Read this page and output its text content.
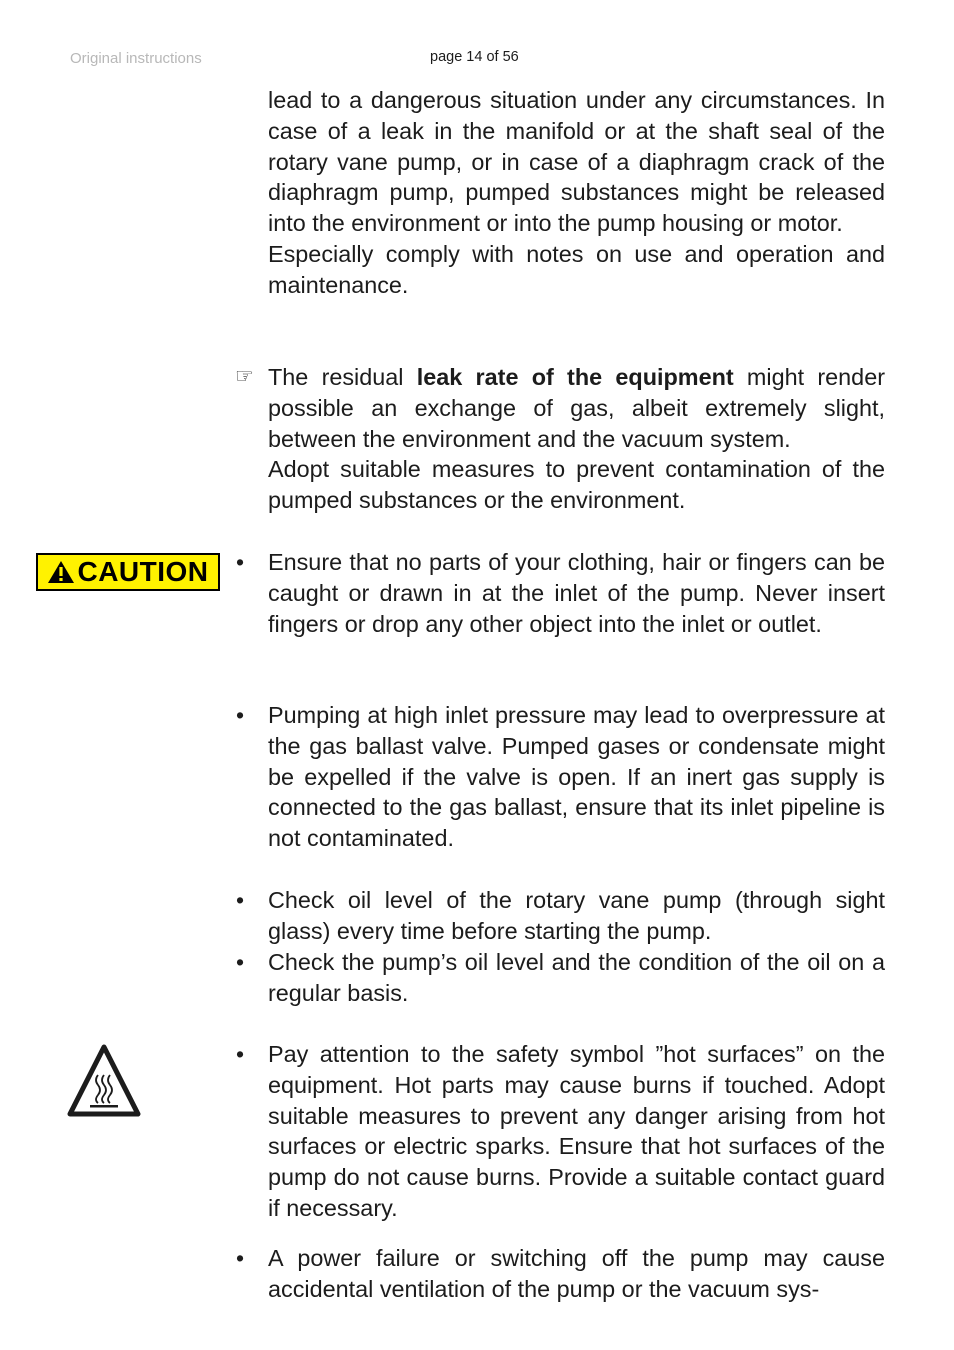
Original instructions	page 14 of 56

lead to a dangerous situation under any circumstances. In case of a leak in the manifold or at the shaft seal of the rotary vane pump, or in case of a diaphragm crack of the diaphragm pump, pumped substances might be released into the environment or into the pump housing or motor.

Especially comply with notes on use and operation and maintenance.

☞ The residual leak rate of the equipment might render possible an exchange of gas, albeit extremely slight, between the environment and the vacuum system.

Adopt suitable measures to prevent contamination of the pumped substances or the environment.

CAUTION • Ensure that no parts of your clothing, hair or fingers can be caught or drawn in at the inlet of the pump. Never insert fingers or drop any other object into the inlet or outlet.
• Pumping at high inlet pressure may lead to overpressure at the gas ballast valve. Pumped gases or condensate might be expelled if the valve is open. If an inert gas supply is connected to the gas ballast, ensure that its inlet pipeline is not contaminated.
• Check oil level of the rotary vane pump (through sight glass) every time before starting the pump.
• Check the pump’s oil level and the condition of the oil on a regular basis.
• Pay attention to the safety symbol ”hot surfaces” on the equipment. Hot parts may cause burns if touched. Adopt suitable measures to prevent any danger arising from hot surfaces or electric sparks. Ensure that hot surfaces of the pump do not cause burns. Provide a suitable contact guard if necessary.
• A power failure or switching off the pump may cause accidental ventilation of the pump or the vacuum sys-
